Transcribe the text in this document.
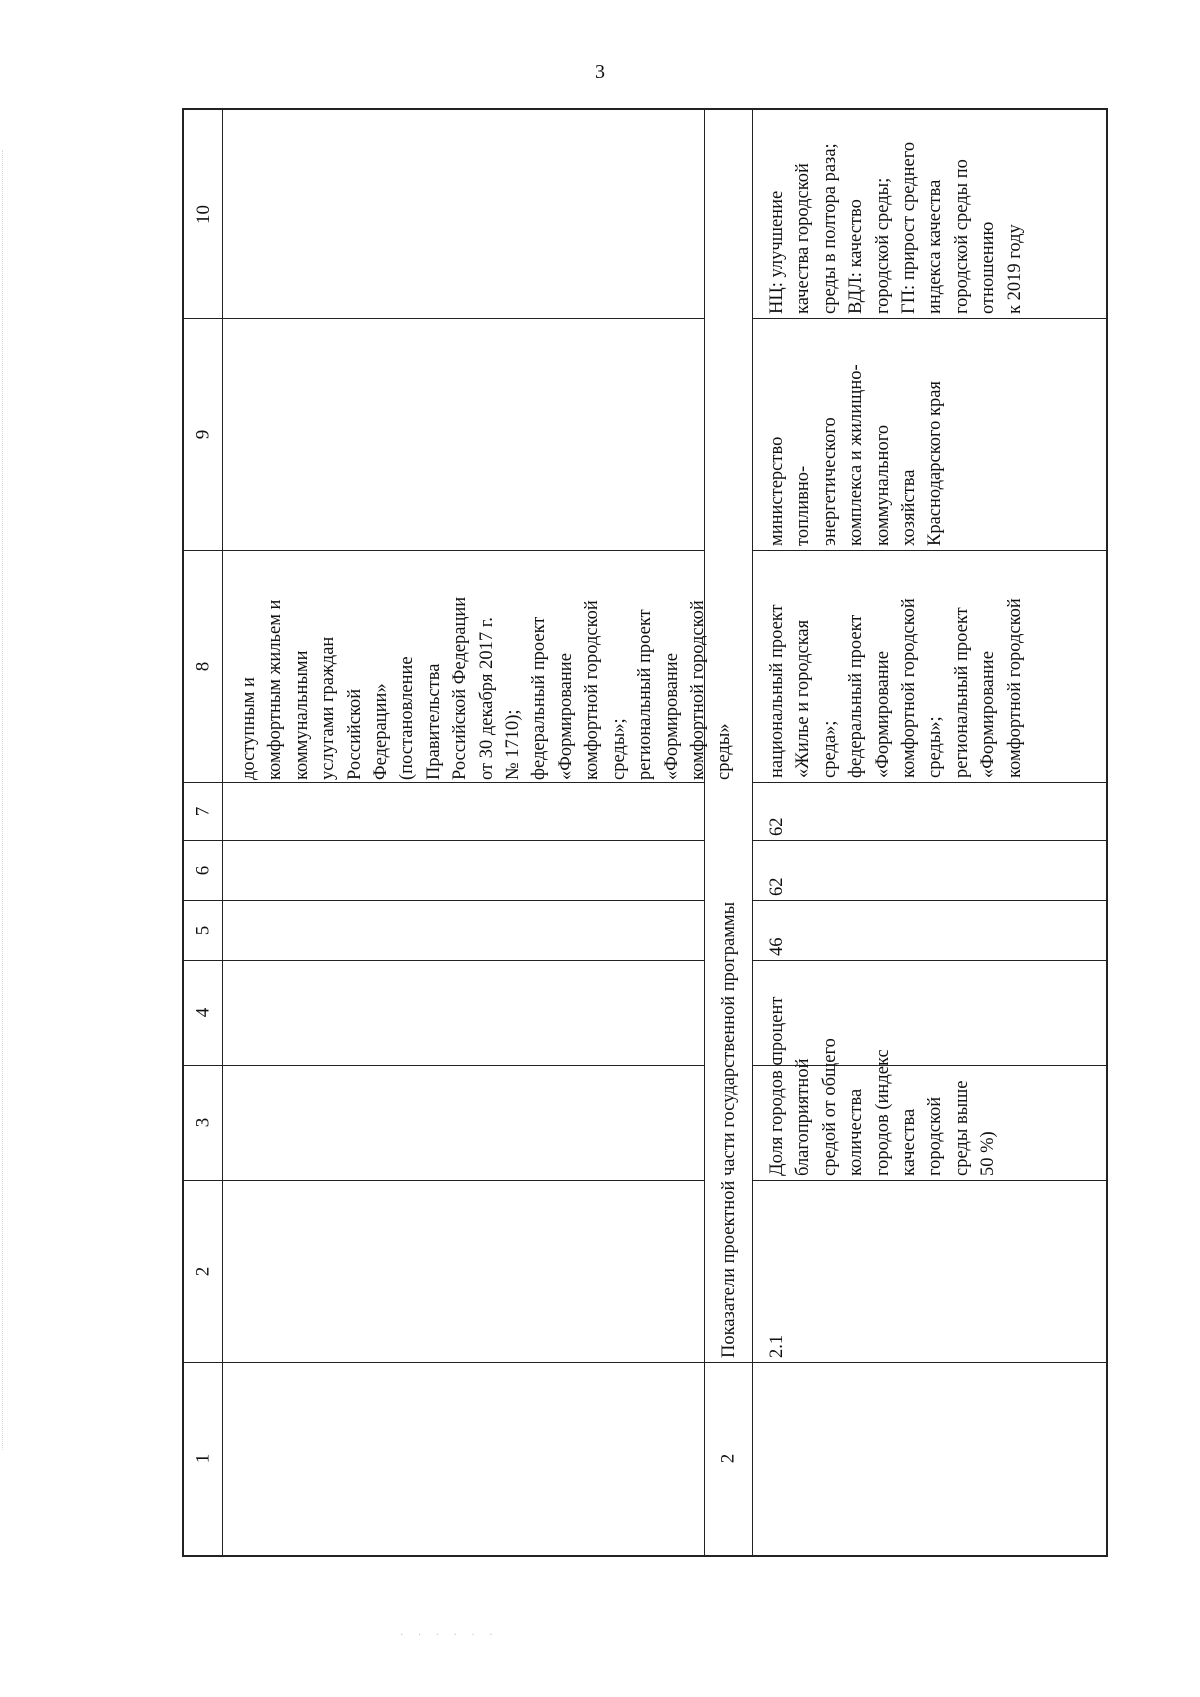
3
1
2
3
4
5
6
7
8
9
10
доступным и
комфортным жильем и
коммунальными
услугами граждан
Российской
Федерации»
(постановление
Правительства
Российской Федерации
от 30 декабря 2017 г.
№ 1710);
федеральный проект
«Формирование
комфортной городской
среды»;
региональный проект
«Формирование
комфортной городской
среды»
2
Показатели проектной части государственной программы 2.1
Доля городов с
благоприятной
средой от общего
количества
городов (индекс
качества
городской
среды выше
50 %)
процент
46
62
62
национальный проект
«Жилье и городская
среда»;
федеральный проект
«Формирование
комфортной городской
среды»;
региональный проект
«Формирование
комфортной городской
министерство
топливно-
энергетического
комплекса и жилищно-
коммунального
хозяйства
Краснодарского края
НЦ: улучшение
качества городской
среды в полтора раза;
ВДЛ: качество
городской среды;
ГП: прирост среднего
индекса качества
городской среды по
отношению
к 2019 году
· · · · · ·
